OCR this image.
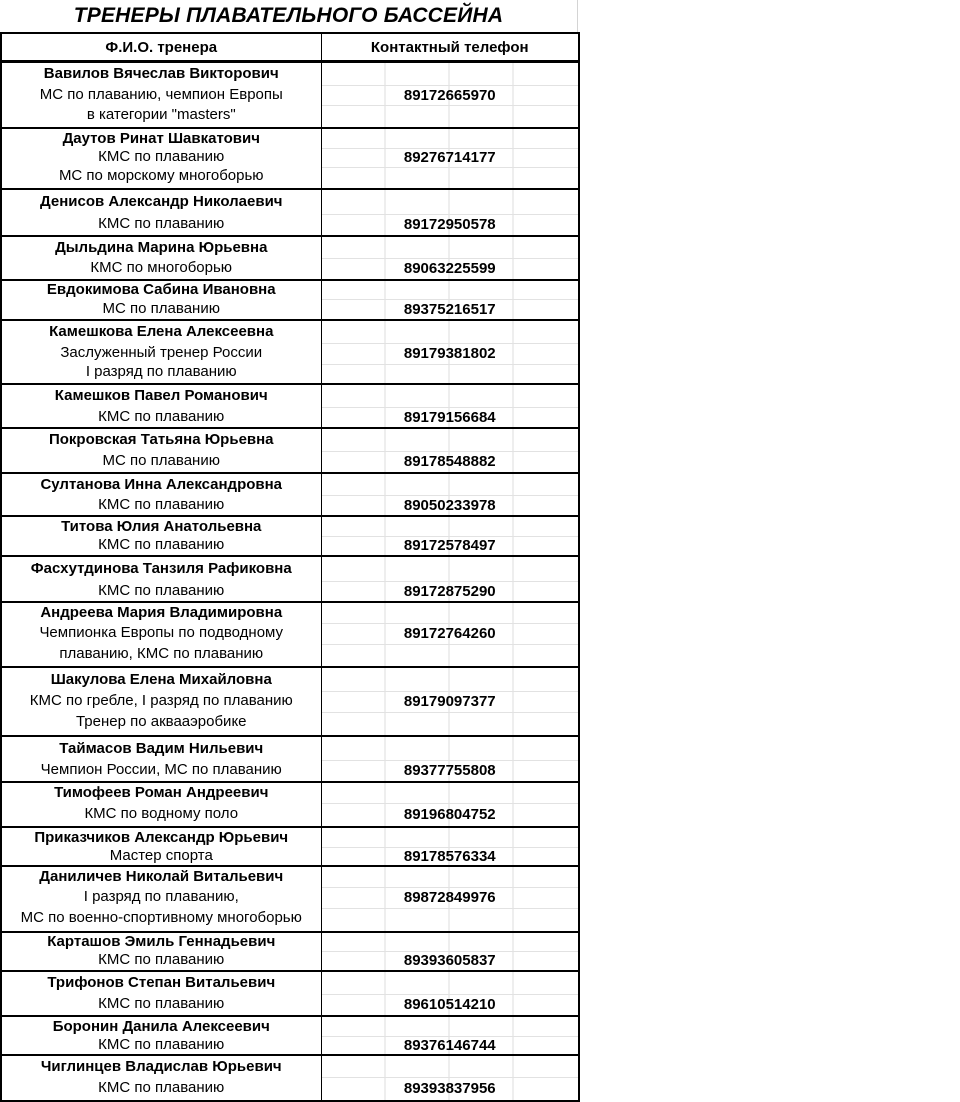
ТРЕНЕРЫ ПЛАВАТЕЛЬНОГО БАССЕЙНА
Ф.И.О. тренера	Контактный телефон

Вавилов Вячеслав Викторович
МС по плаванию, чемпион Европы
в категории "masters"	89172665970

Даутов Ринат Шавкатович
КМС по плаванию
МС по морскому многоборью	89276714177

Денисов Александр Николаевич
КМС по плаванию	89172950578

Дыльдина Марина Юрьевна
КМС по многоборью	89063225599

Евдокимова Сабина Ивановна
МС по плаванию	89375216517

Камешкова Елена Алексеевна
Заслуженный тренер России
I разряд по плаванию	89179381802

Камешков Павел Романович
КМС по плаванию	89179156684

Покровская Татьяна Юрьевна
МС по плаванию	89178548882

Султанова Инна Александровна
КМС по плаванию	89050233978

Титова Юлия Анатольевна
КМС по плаванию	89172578497

Фасхутдинова Танзиля Рафиковна
КМС по плаванию	89172875290

Андреева Мария Владимировна
Чемпионка Европы по подводному
плаванию, КМС по плаванию	89172764260

Шакулова Елена Михайловна
КМС по гребле, I разряд по плаванию
Тренер по аквааэробике	89179097377

Таймасов Вадим Нильевич
Чемпион России, МС по плаванию	89377755808

Тимофеев Роман Андреевич
КМС по водному поло	89196804752

Приказчиков Александр Юрьевич
Мастер спорта	89178576334

Даниличев Николай Витальевич
I разряд по плаванию,
МС по военно-спортивному многоборью	89872849976

Карташов Эмиль Геннадьевич
КМС по плаванию	89393605837

Трифонов Степан Витальевич
КМС по плаванию	89610514210

Боронин Данила Алексеевич
КМС по плаванию	89376146744

Чиглинцев Владислав Юрьевич
КМС по плаванию	89393837956
